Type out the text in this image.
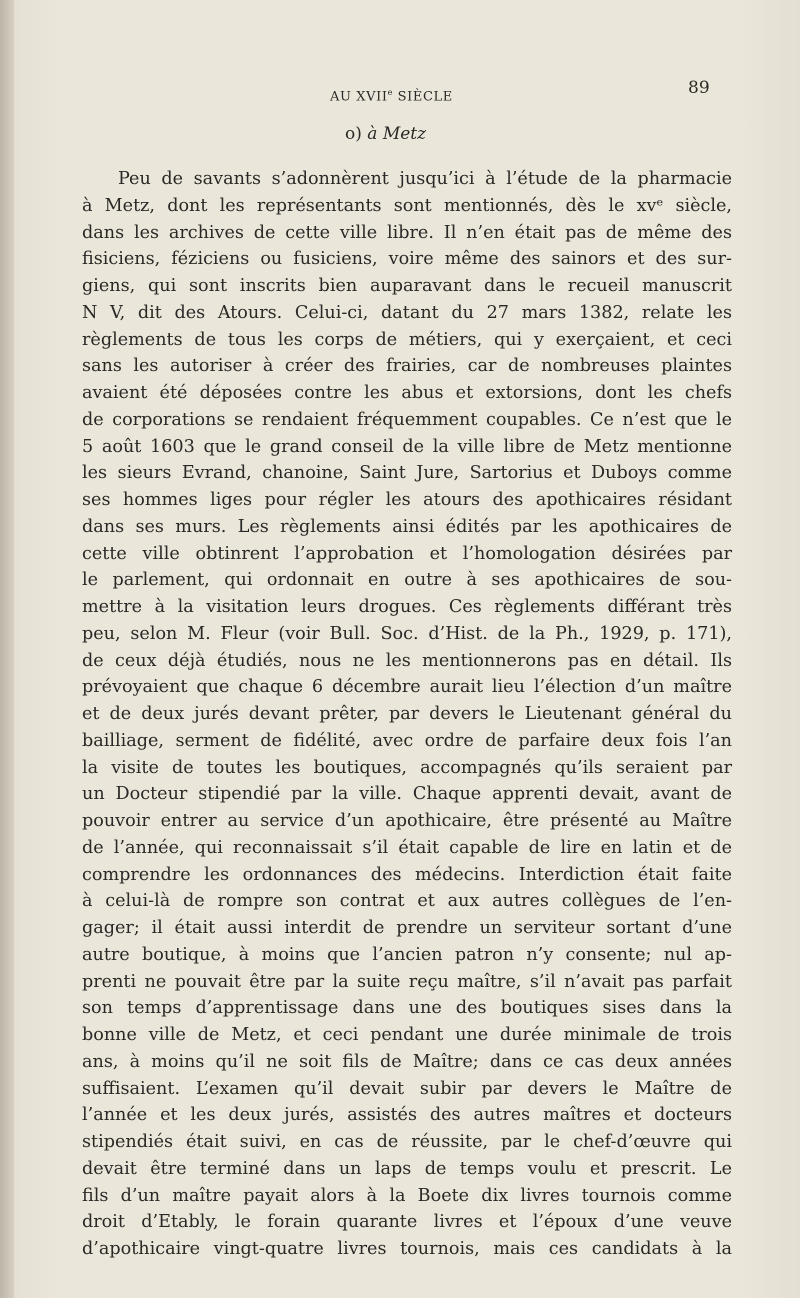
AU XVIIe SIÈCLE	89
o) à Metz
Peu de savants s’adonnèrent jusqu’ici à l’étude de la pharmacie
à Metz, dont les représentants sont mentionnés, dès le xvᵉ siècle,
dans les archives de cette ville libre. Il n’en était pas de même des
fisiciens, féziciens ou fusiciens, voire même des sainors et des sur-
giens, qui sont inscrits bien auparavant dans le recueil manuscrit
N V, dit des Atours. Celui-ci, datant du 27 mars 1382, relate les
règlements de tous les corps de métiers, qui y exerçaient, et ceci
sans les autoriser à créer des frairies, car de nombreuses plaintes
avaient été déposées contre les abus et extorsions, dont les chefs
de corporations se rendaient fréquemment coupables. Ce n’est que le
5 août 1603 que le grand conseil de la ville libre de Metz mentionne
les sieurs Evrand, chanoine, Saint Jure, Sartorius et Duboys comme
ses hommes liges pour régler les atours des apothicaires résidant
dans ses murs. Les règlements ainsi édités par les apothicaires de
cette ville obtinrent l’approbation et l’homologation désirées par
le parlement, qui ordonnait en outre à ses apothicaires de sou-
mettre à la visitation leurs drogues. Ces règlements différant très
peu, selon M. Fleur (voir Bull. Soc. d’Hist. de la Ph., 1929, p. 171),
de ceux déjà étudiés, nous ne les mentionnerons pas en détail. Ils
prévoyaient que chaque 6 décembre aurait lieu l’élection d’un maître
et de deux jurés devant prêter, par devers le Lieutenant général du
bailliage, serment de fidélité, avec ordre de parfaire deux fois l’an
la visite de toutes les boutiques, accompagnés qu’ils seraient par
un Docteur stipendié par la ville. Chaque apprenti devait, avant de
pouvoir entrer au service d’un apothicaire, être présenté au Maître
de l’année, qui reconnaissait s’il était capable de lire en latin et de
comprendre les ordonnances des médecins. Interdiction était faite
à celui-là de rompre son contrat et aux autres collègues de l’en-
gager; il était aussi interdit de prendre un serviteur sortant d’une
autre boutique, à moins que l’ancien patron n’y consente; nul ap-
prenti ne pouvait être par la suite reçu maître, s’il n’avait pas parfait
son temps d’apprentissage dans une des boutiques sises dans la
bonne ville de Metz, et ceci pendant une durée minimale de trois
ans, à moins qu’il ne soit fils de Maître; dans ce cas deux années
suffisaient. L’examen qu’il devait subir par devers le Maître de
l’année et les deux jurés, assistés des autres maîtres et docteurs
stipendiés était suivi, en cas de réussite, par le chef-d’œuvre qui
devait être terminé dans un laps de temps voulu et prescrit. Le
fils d’un maître payait alors à la Boete dix livres tournois comme
droit d’Etably, le forain quarante livres et l’époux d’une veuve
d’apothicaire vingt-quatre livres tournois, mais ces candidats à la
